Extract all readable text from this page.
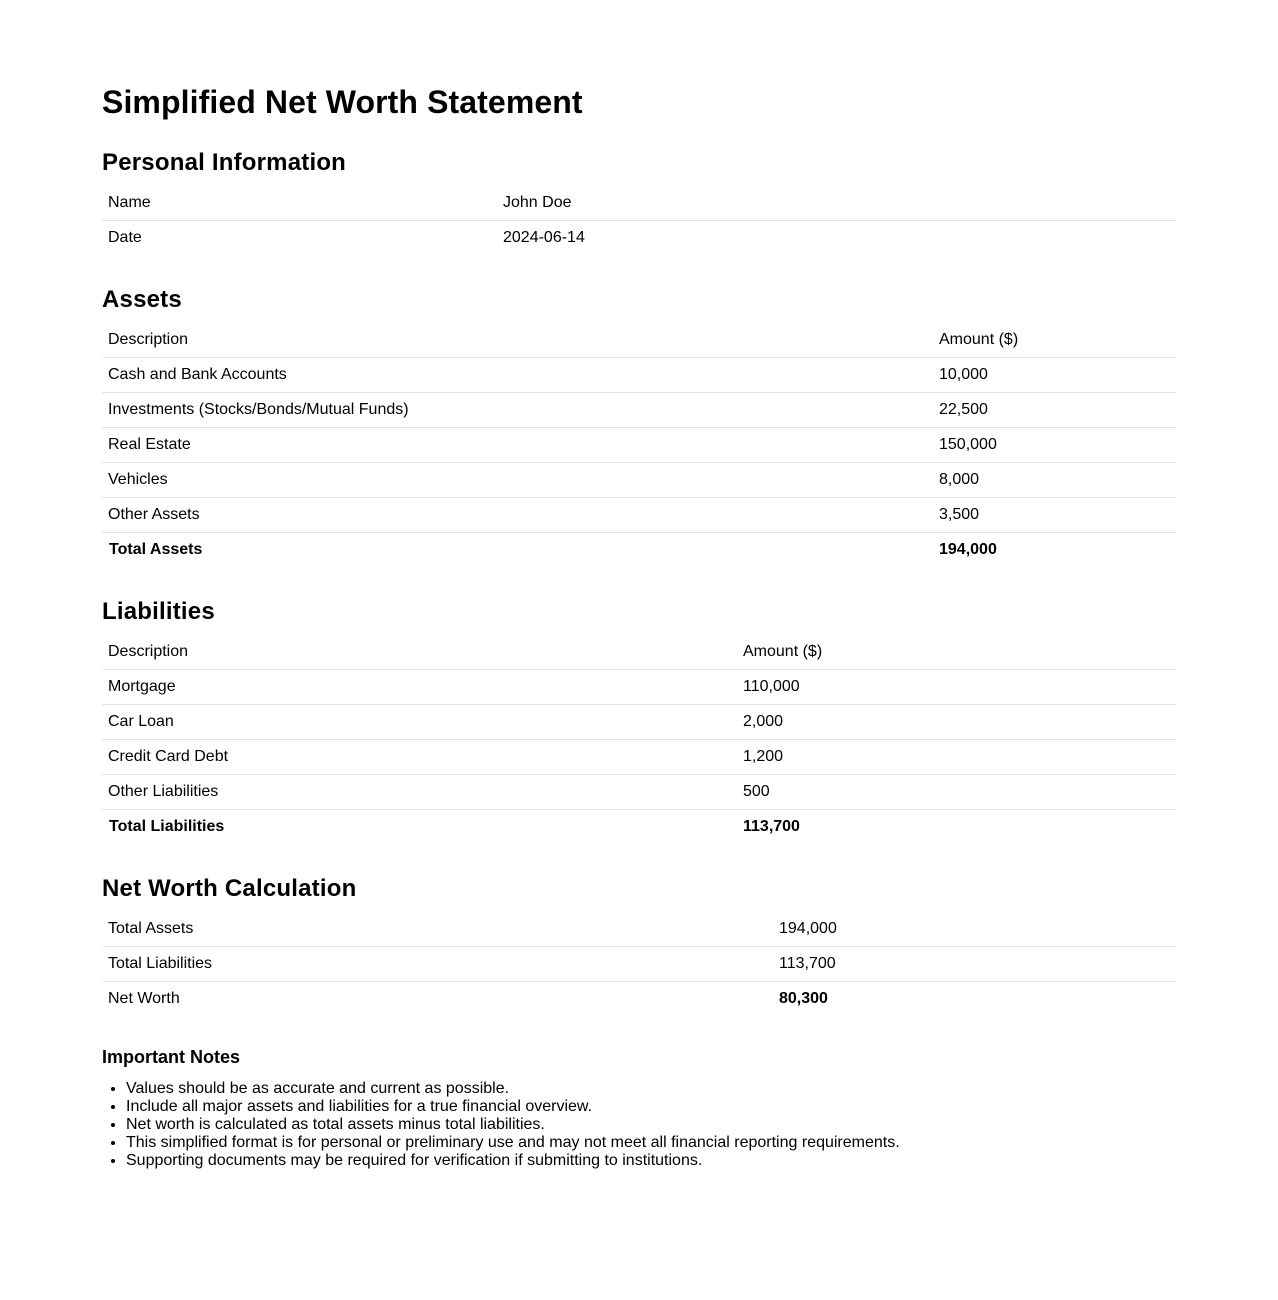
Simplified Net Worth Statement
Personal Information
Name	John Doe
Date	2024-06-14
Assets
Description	Amount ($)
Cash and Bank Accounts	10,000
Investments (Stocks/Bonds/Mutual Funds)	22,500
Real Estate	150,000
Vehicles	8,000
Other Assets	3,500
Total Assets	194,000
Liabilities
Description	Amount ($)
Mortgage	110,000
Car Loan	2,000
Credit Card Debt	1,200
Other Liabilities	500
Total Liabilities	113,700
Net Worth Calculation
Total Assets	194,000
Total Liabilities	113,700
Net Worth	80,300
Important Notes
• Values should be as accurate and current as possible.
• Include all major assets and liabilities for a true financial overview.
• Net worth is calculated as total assets minus total liabilities.
• This simplified format is for personal or preliminary use and may not meet all financial reporting requirements.
• Supporting documents may be required for verification if submitting to institutions.
